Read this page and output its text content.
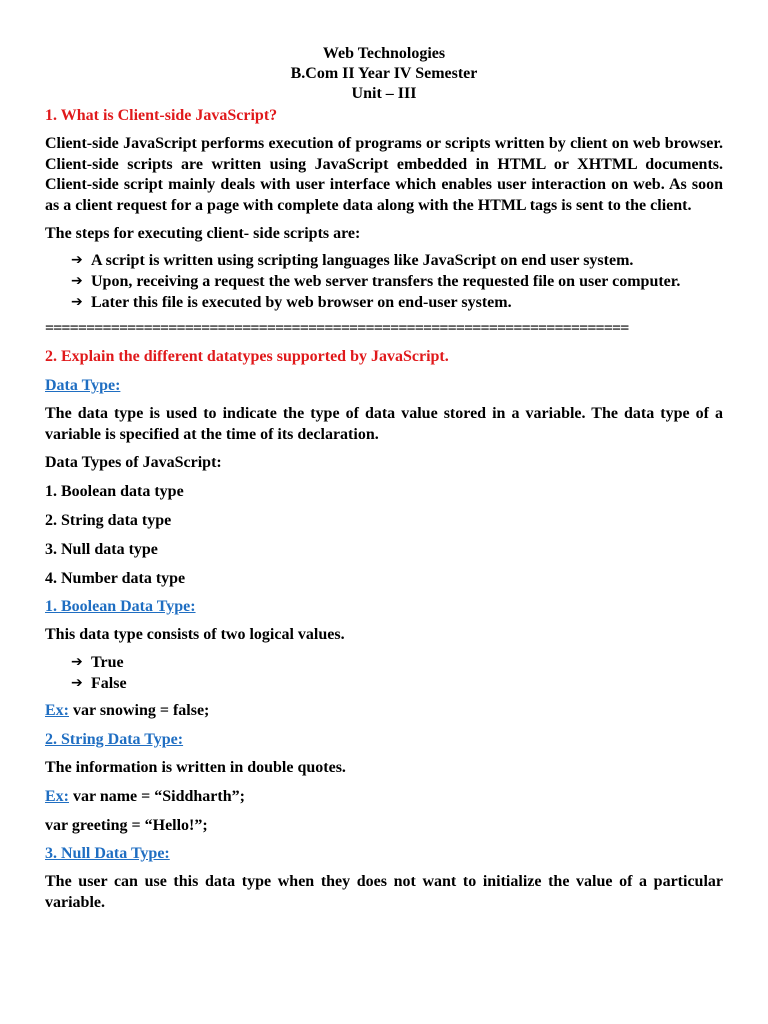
Web Technologies
B.Com II Year IV Semester
Unit – III

1. What is Client-side JavaScript?

Client-side JavaScript performs execution of programs or scripts written by client on web browser. Client-side scripts are written using JavaScript embedded in HTML or XHTML documents. Client-side script mainly deals with user interface which enables user interaction on web. As soon as a client request for a page with complete data along with the HTML tags is sent to the client.

The steps for executing client- side scripts are:

➔ A script is written using scripting languages like JavaScript on end user system.
➔ Upon, receiving a request the web server transfers the requested file on user computer.
➔ Later this file is executed by web browser on end-user system.
=======================================================================

2. Explain the different datatypes supported by JavaScript.

Data Type:

The data type is used to indicate the type of data value stored in a variable. The data type of a variable is specified at the time of its declaration.

Data Types of JavaScript:

1. Boolean data type

2. String data type

3. Null data type

4. Number data type

1. Boolean Data Type:

This data type consists of two logical values.

➔ True
➔ False

Ex: var snowing = false;

2. String Data Type:

The information is written in double quotes.

Ex: var name = “Siddharth”;

var greeting = “Hello!”;

3. Null Data Type:

The user can use this data type when they does not want to initialize the value of a particular variable.
